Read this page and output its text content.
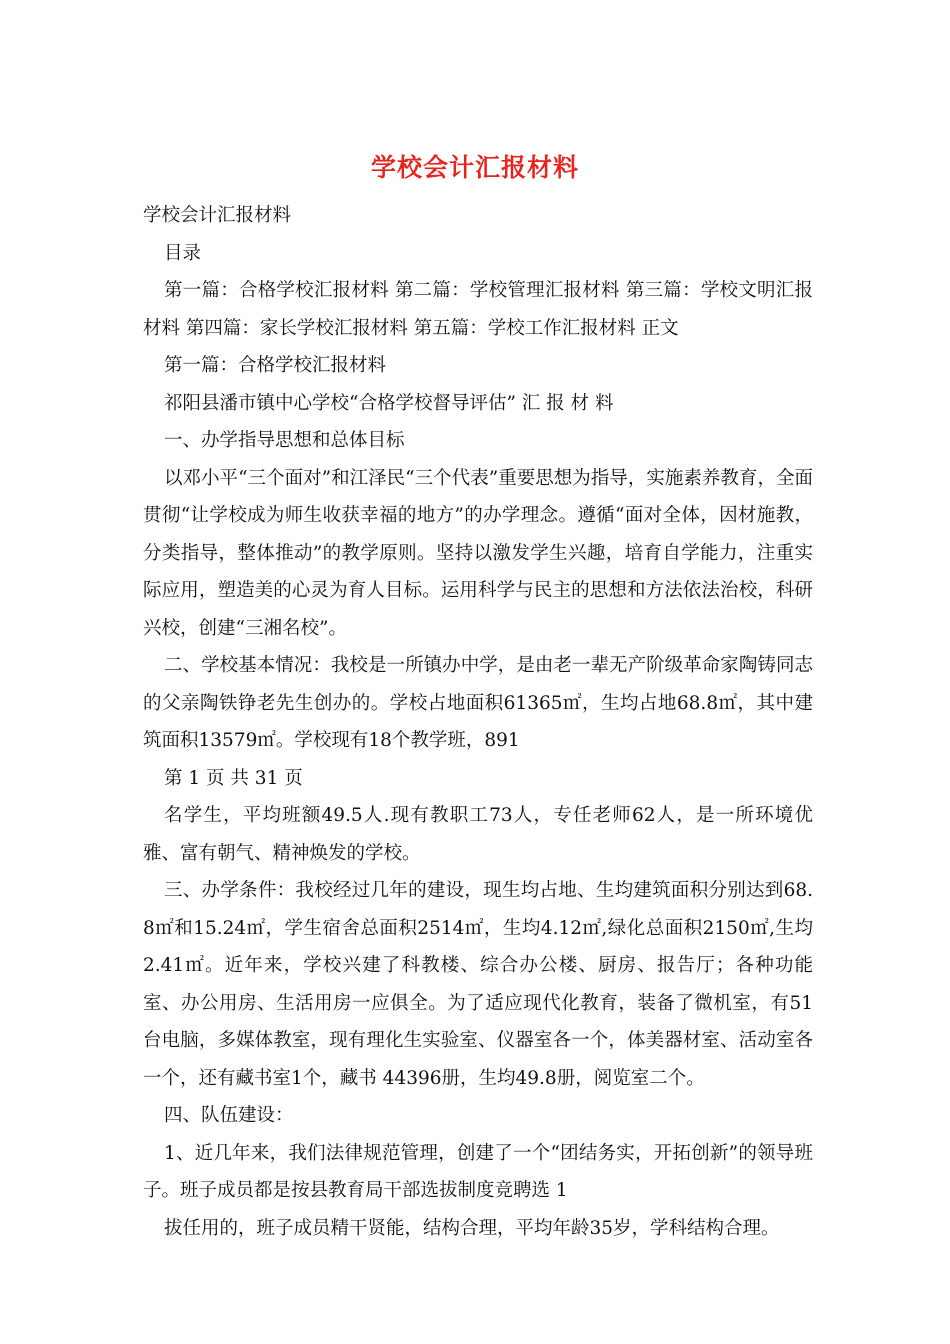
学校会计汇报材料

学校会计汇报材料

目录

第一篇：合格学校汇报材料 第二篇：学校管理汇报材料 第三篇：学校文明汇报材料 第四篇：家长学校汇报材料 第五篇：学校工作汇报材料 正文

第一篇：合格学校汇报材料

祁阳县潘市镇中心学校“合格学校督导评估” 汇 报 材 料

一、办学指导思想和总体目标

以邓小平“三个面对”和江泽民“三个代表”重要思想为指导，实施素养教育，全面贯彻“让学校成为师生收获幸福的地方”的办学理念。遵循“面对全体，因材施教，分类指导，整体推动”的教学原则。坚持以激发学生兴趣，培育自学能力，注重实际应用，塑造美的心灵为育人目标。运用科学与民主的思想和方法依法治校，科研兴校，创建“三湘名校”。

二、学校基本情况：我校是一所镇办中学，是由老一辈无产阶级革命家陶铸同志的父亲陶铁铮老先生创办的。学校占地面积61365㎡，生均占地68.8㎡，其中建筑面积13579㎡。学校现有18个教学班，891

第 1 页 共 31 页

名学生，平均班额49.5人.现有教职工73人，专任老师62人，是一所环境优雅、富有朝气、精神焕发的学校。

三、办学条件：我校经过几年的建设，现生均占地、生均建筑面积分别达到68.8㎡和15.24㎡，学生宿舍总面积2514㎡，生均4.12㎡,绿化总面积2150㎡,生均2.41㎡。近年来，学校兴建了科教楼、综合办公楼、厨房、报告厅；各种功能室、办公用房、生活用房一应俱全。为了适应现代化教育，装备了微机室，有51台电脑，多媒体教室，现有理化生实验室、仪器室各一个，体美器材室、活动室各一个，还有藏书室1个，藏书 44396册，生均49.8册，阅览室二个。

四、队伍建设：

1、近几年来，我们法律规范管理，创建了一个“团结务实，开拓创新”的领导班子。班子成员都是按县教育局干部选拔制度竞聘选 1

拔任用的，班子成员精干贤能，结构合理，平均年龄35岁，学科结构合理。
